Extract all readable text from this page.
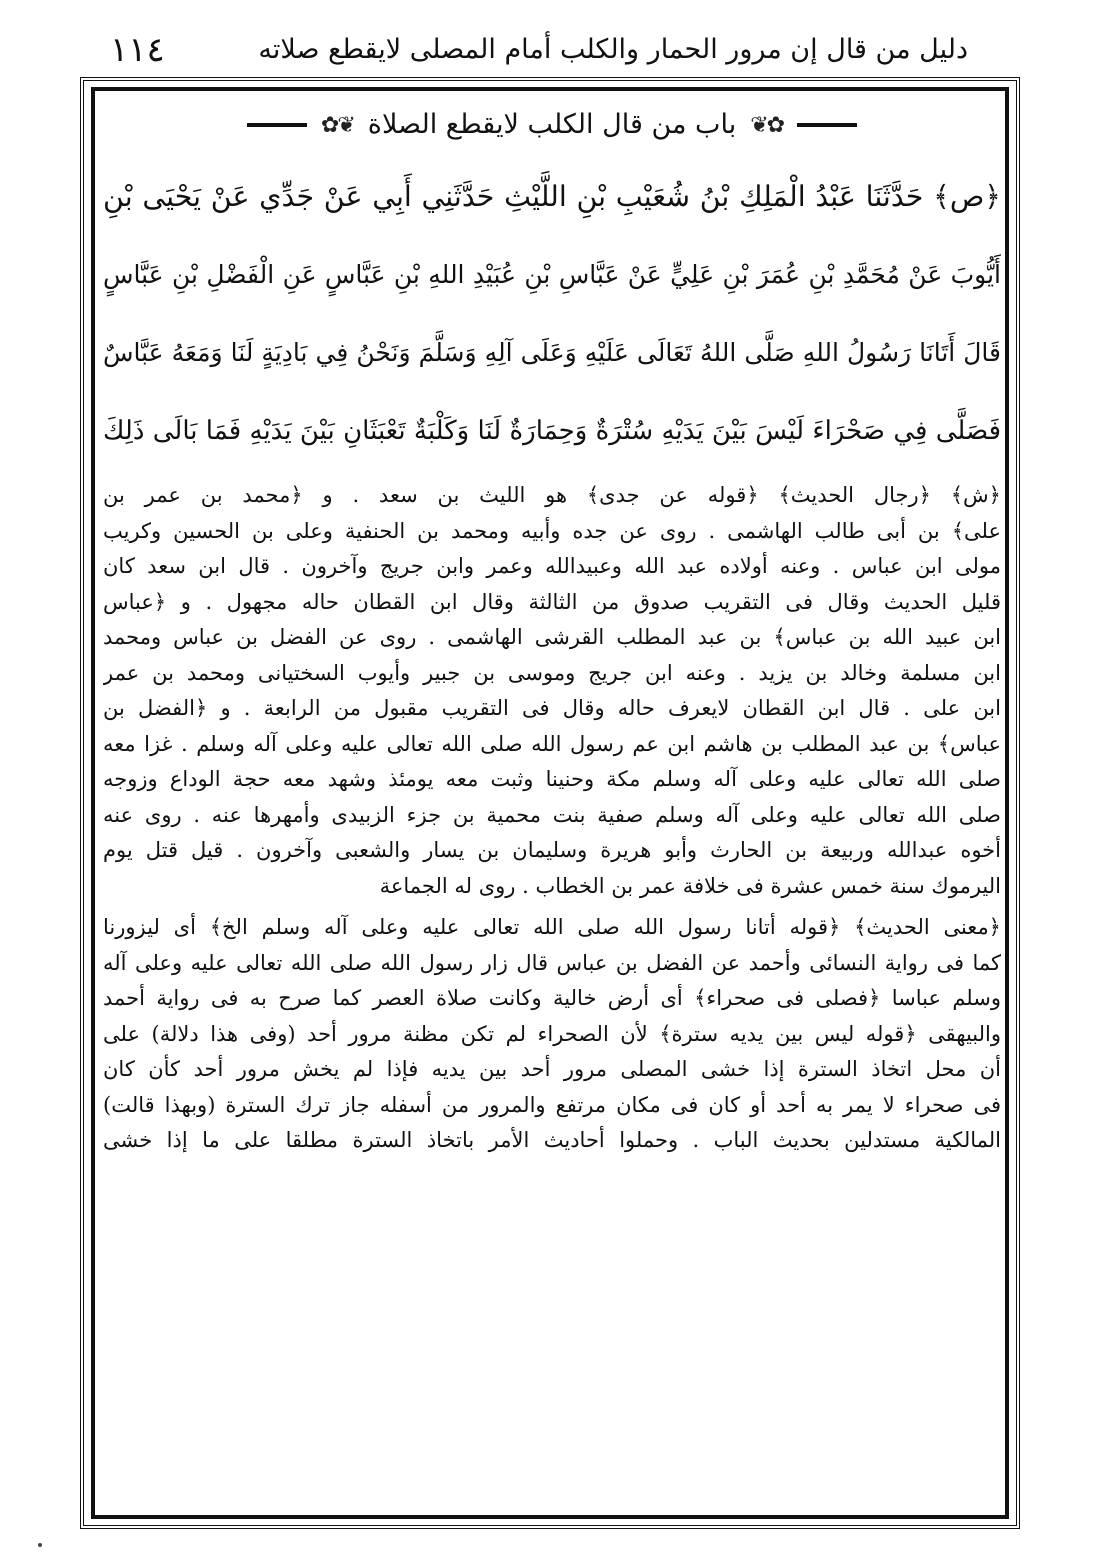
١١٤	دليل من قال إن مرور الحمار والكلب أمام المصلى لايقطع صلاته
✿❦
باب من قال الكلب لايقطع الصلاة
❦✿
﴿ص﴾ حَدَّثَنَا عَبْدُ الْمَلِكِ بْنُ شُعَيْبِ بْنِ اللَّيْثِ حَدَّثَنِي أَبِي عَنْ جَدِّي عَنْ يَحْيَى بْنِ
أَيُّوبَ عَنْ مُحَمَّدِ بْنِ عُمَرَ بْنِ عَلِيٍّ عَنْ عَبَّاسِ بْنِ عُبَيْدِ اللهِ بْنِ عَبَّاسٍ عَنِ الْفَضْلِ بْنِ عَبَّاسٍ
قَالَ أَتَانَا رَسُولُ اللهِ صَلَّى اللهُ تَعَالَى عَلَيْهِ وَعَلَى آلِهِ وَسَلَّمَ وَنَحْنُ فِي بَادِيَةٍ لَنَا وَمَعَهُ عَبَّاسٌ
فَصَلَّى فِي صَحْرَاءَ لَيْسَ بَيْنَ يَدَيْهِ سُتْرَةٌ وَحِمَارَةٌ لَنَا وَكَلْبَةٌ تَعْبَثَانِ بَيْنَ يَدَيْهِ فَمَا بَالَى ذَلِكَ
﴿ش﴾ ﴿رجال الحديث﴾ ﴿قوله عن جدى﴾ هو الليث بن سعد . و ﴿محمد بن عمر بن
على﴾ بن أبى طالب الهاشمى . روى عن جده وأبيه ومحمد بن الحنفية وعلى بن الحسين وكريب
مولى ابن عباس . وعنه أولاده عبد الله وعبيدالله وعمر وابن جريج وآخرون . قال ابن سعد كان
قليل الحديث وقال فى التقريب صدوق من الثالثة وقال ابن القطان حاله مجهول . و ﴿عباس
ابن عبيد الله بن عباس﴾ بن عبد المطلب القرشى الهاشمى . روى عن الفضل بن عباس ومحمد
ابن مسلمة وخالد بن يزيد . وعنه ابن جريج وموسى بن جبير وأيوب السختيانى ومحمد بن عمر
ابن على . قال ابن القطان لايعرف حاله وقال فى التقريب مقبول من الرابعة . و ﴿الفضل بن
عباس﴾ بن عبد المطلب بن هاشم ابن عم رسول الله صلى الله تعالى عليه وعلى آله وسلم . غزا معه
صلى الله تعالى عليه وعلى آله وسلم مكة وحنينا وثبت معه يومئذ وشهد معه حجة الوداع وزوجه
صلى الله تعالى عليه وعلى آله وسلم صفية بنت محمية بن جزء الزبيدى وأمهرها عنه . روى عنه
أخوه عبدالله وربيعة بن الحارث وأبو هريرة وسليمان بن يسار والشعبى وآخرون . قيل قتل يوم
اليرموك سنة خمس عشرة فى خلافة عمر بن الخطاب . روى له الجماعة
﴿معنى الحديث﴾ ﴿قوله أتانا رسول الله صلى الله تعالى عليه وعلى آله وسلم الخ﴾ أى ليزورنا
كما فى رواية النسائى وأحمد عن الفضل بن عباس قال زار رسول الله صلى الله تعالى عليه وعلى آله
وسلم عباسا ﴿فصلى فى صحراء﴾ أى أرض خالية وكانت صلاة العصر كما صرح به فى رواية أحمد
والبيهقى ﴿قوله ليس بين يديه سترة﴾ لأن الصحراء لم تكن مظنة مرور أحد (وفى هذا دلالة) على
أن محل اتخاذ السترة إذا خشى المصلى مرور أحد بين يديه فإذا لم يخش مرور أحد كأن كان
فى صحراء لا يمر به أحد أو كان فى مكان مرتفع والمرور من أسفله جاز ترك السترة (وبهذا قالت)
المالكية مستدلين بحديث الباب . وحملوا أحاديث الأمر باتخاذ السترة مطلقا على ما إذا خشى
